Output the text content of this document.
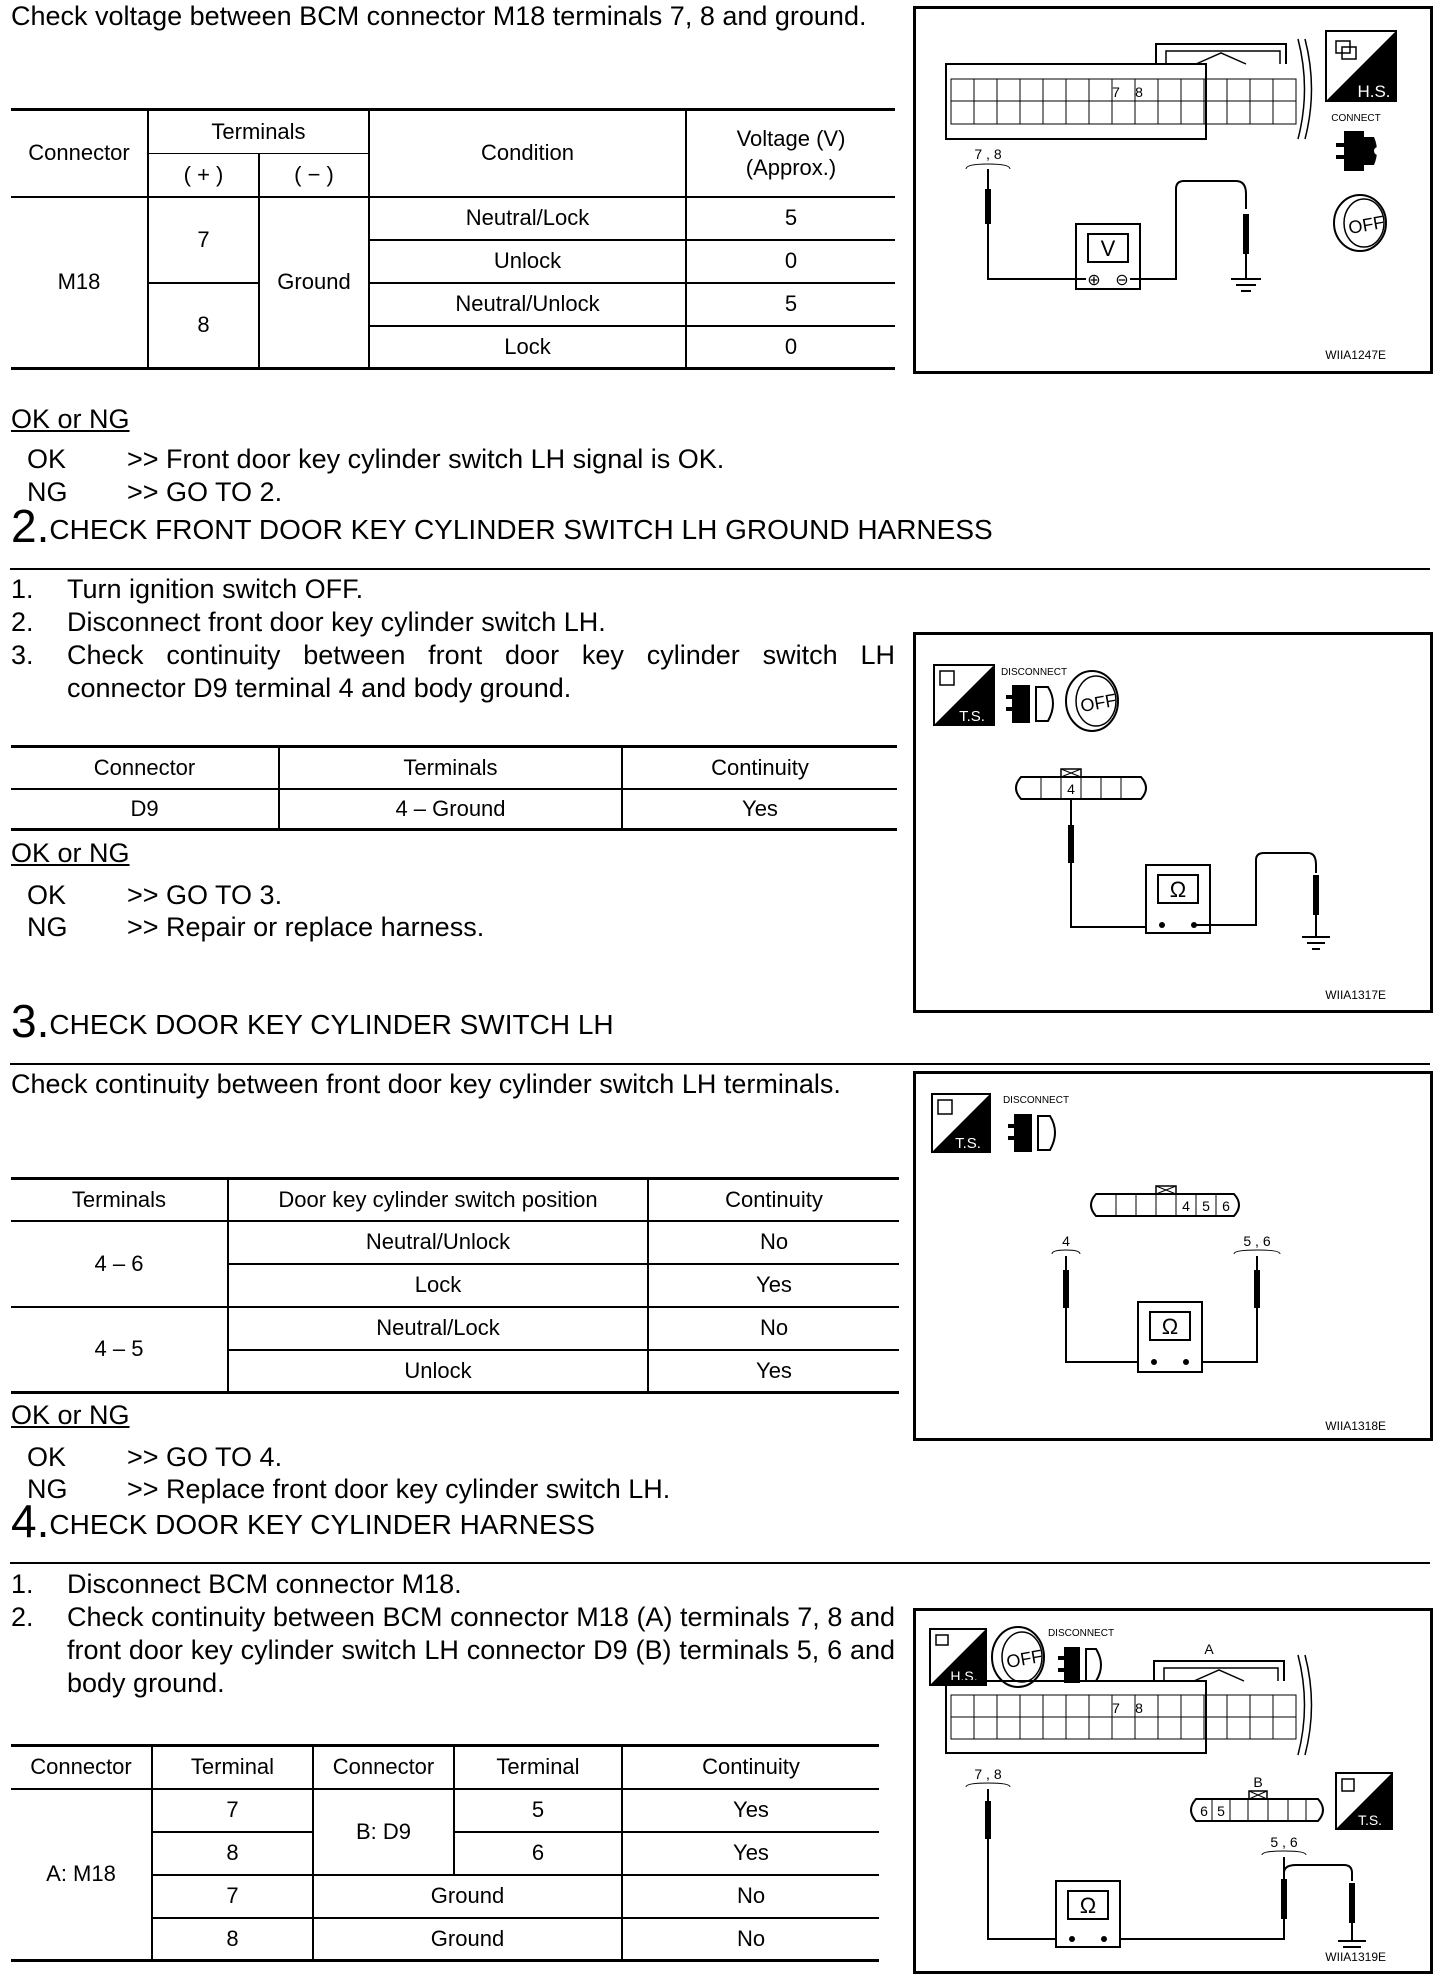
Check voltage between BCM connector M18 terminals 7, 8 and ground.
Connector	Terminals		Condition	Voltage (V)
(Approx.)
	( + )	( − )		
M18	7	Ground	Neutral/Lock	5
			Unlock	0
	8		Neutral/Unlock	5
			Lock	0
7 8
7 , 8
V
⊕ ⊖
H.S.
CONNECT
OFF
WIIA1247E
OK or NG
OK >> Front door key cylinder switch LH signal is OK.
NG >> GO TO 2.
2.CHECK FRONT DOOR KEY CYLINDER SWITCH LH GROUND HARNESS
1. Turn ignition switch OFF.
2. Disconnect front door key cylinder switch LH.
3.	Check continuity between front door key cylinder switch LH connector D9 terminal 4 and body ground.
Connector	Terminals	Continuity
D9	4 – Ground	Yes
T.S.
DISCONNECT
OFF
4
Ω
WIIA1317E
OK or NG
OK >> GO TO 3.
NG >> Repair or replace harness.
3.CHECK DOOR KEY CYLINDER SWITCH LH
Check continuity between front door key cylinder switch LH terminals.
Terminals	Door key cylinder switch position	Continuity
4 – 6	Neutral/Unlock	No
	Lock	Yes
4 – 5	Neutral/Lock	No
	Unlock	Yes
T.S.
DISCONNECT
4 5 6
4	5 , 6
Ω
WIIA1318E
OK or NG
OK >> GO TO 4.
NG >> Replace front door key cylinder switch LH.
4.CHECK DOOR KEY CYLINDER HARNESS
1. Disconnect BCM connector M18.
2.	Check continuity between BCM connector M18 (A) terminals 7, 8 and front door key cylinder switch LH connector D9 (B) terminals 5, 6 and body ground.
Connector	Terminal	Connector	Terminal	Continuity
A: M18	7	B: D9	5	Yes
	8		6	Yes
	7	Ground		No
	8	Ground		No
H.S.
OFF
DISCONNECT
A
7 8
T.S.
B
6 5
7 , 8
5 , 6
Ω
WIIA1319E
